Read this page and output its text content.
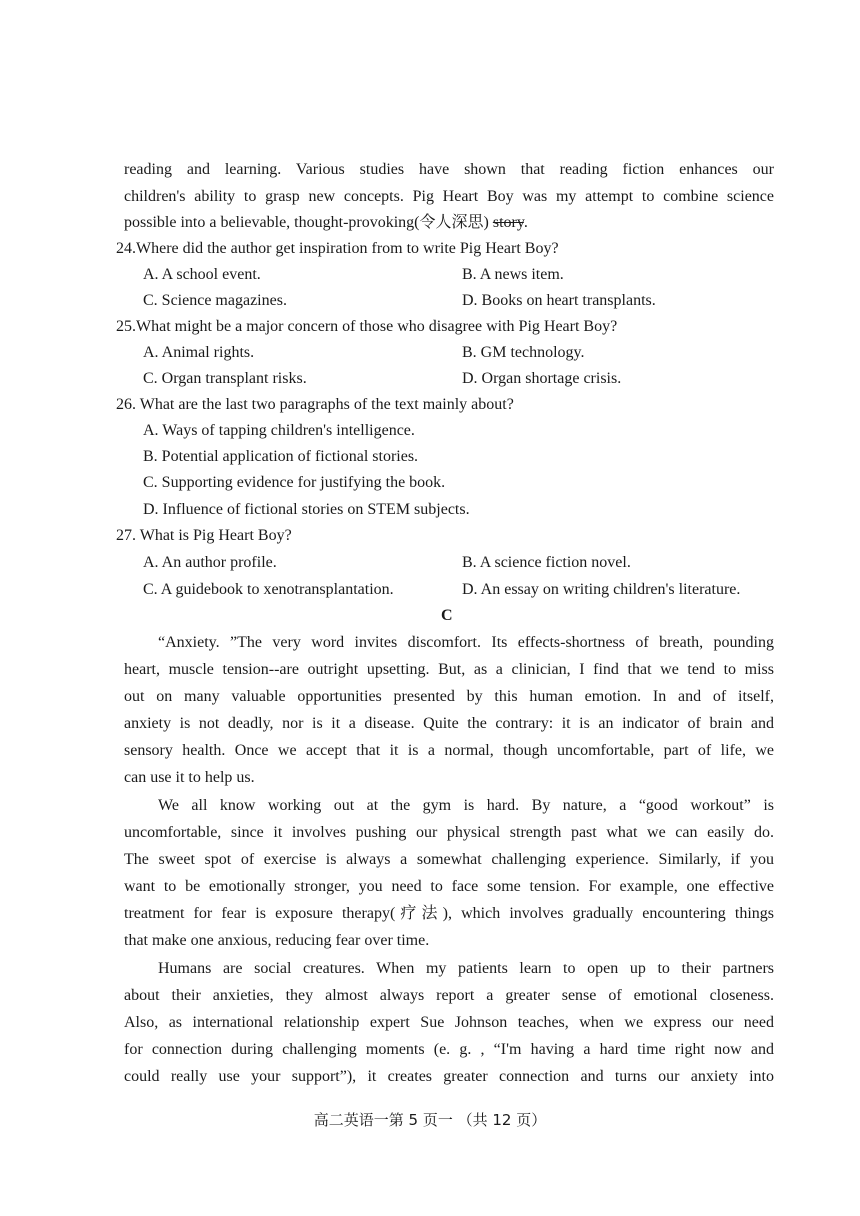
reading and learning. Various studies have shown that reading fiction enhances our
children's ability to grasp new concepts. Pig Heart Boy was my attempt to combine science
possible into a believable, thought-provoking(令人深思) story.
24.Where did the author get inspiration from to write Pig Heart Boy?
A. A school event.	B. A news item.
C. Science magazines.	D. Books on heart transplants.
25.What might be a major concern of those who disagree with Pig Heart Boy?
A. Animal rights.	B. GM technology.
C. Organ transplant risks.	D. Organ shortage crisis.
26. What are the last two paragraphs of the text mainly about?
A. Ways of tapping children's intelligence.
B. Potential application of fictional stories.
C. Supporting evidence for justifying the book.
D. Influence of fictional stories on STEM subjects.
27. What is Pig Heart Boy?
A. An author profile.	B. A science fiction novel.
C. A guidebook to xenotransplantation.	D. An essay on writing children's literature.
C
“Anxiety. ”The very word invites discomfort. Its effects-shortness of breath, pounding
heart, muscle tension--are outright upsetting. But, as a clinician, I find that we tend to miss
out on many valuable opportunities presented by this human emotion. In and of itself,
anxiety is not deadly, nor is it a disease. Quite the contrary: it is an indicator of brain and
sensory health. Once we accept that it is a normal, though uncomfortable, part of life, we
can use it to help us.
We all know working out at the gym is hard. By nature, a “good workout” is
uncomfortable, since it involves pushing our physical strength past what we can easily do.
The sweet spot of exercise is always a somewhat challenging experience. Similarly, if you
want to be emotionally stronger, you need to face some tension. For example, one effective
treatment for fear is exposure therapy(疗法), which involves gradually encountering things
that make one anxious, reducing fear over time.
Humans are social creatures. When my patients learn to open up to their partners
about their anxieties, they almost always report a greater sense of emotional closeness.
Also, as international relationship expert Sue Johnson teaches, when we express our need
for connection during challenging moments (e. g. , “I'm having a hard time right now and
could really use your support”), it creates greater connection and turns our anxiety into
高二英语一第 5 页一 （共 12 页）
